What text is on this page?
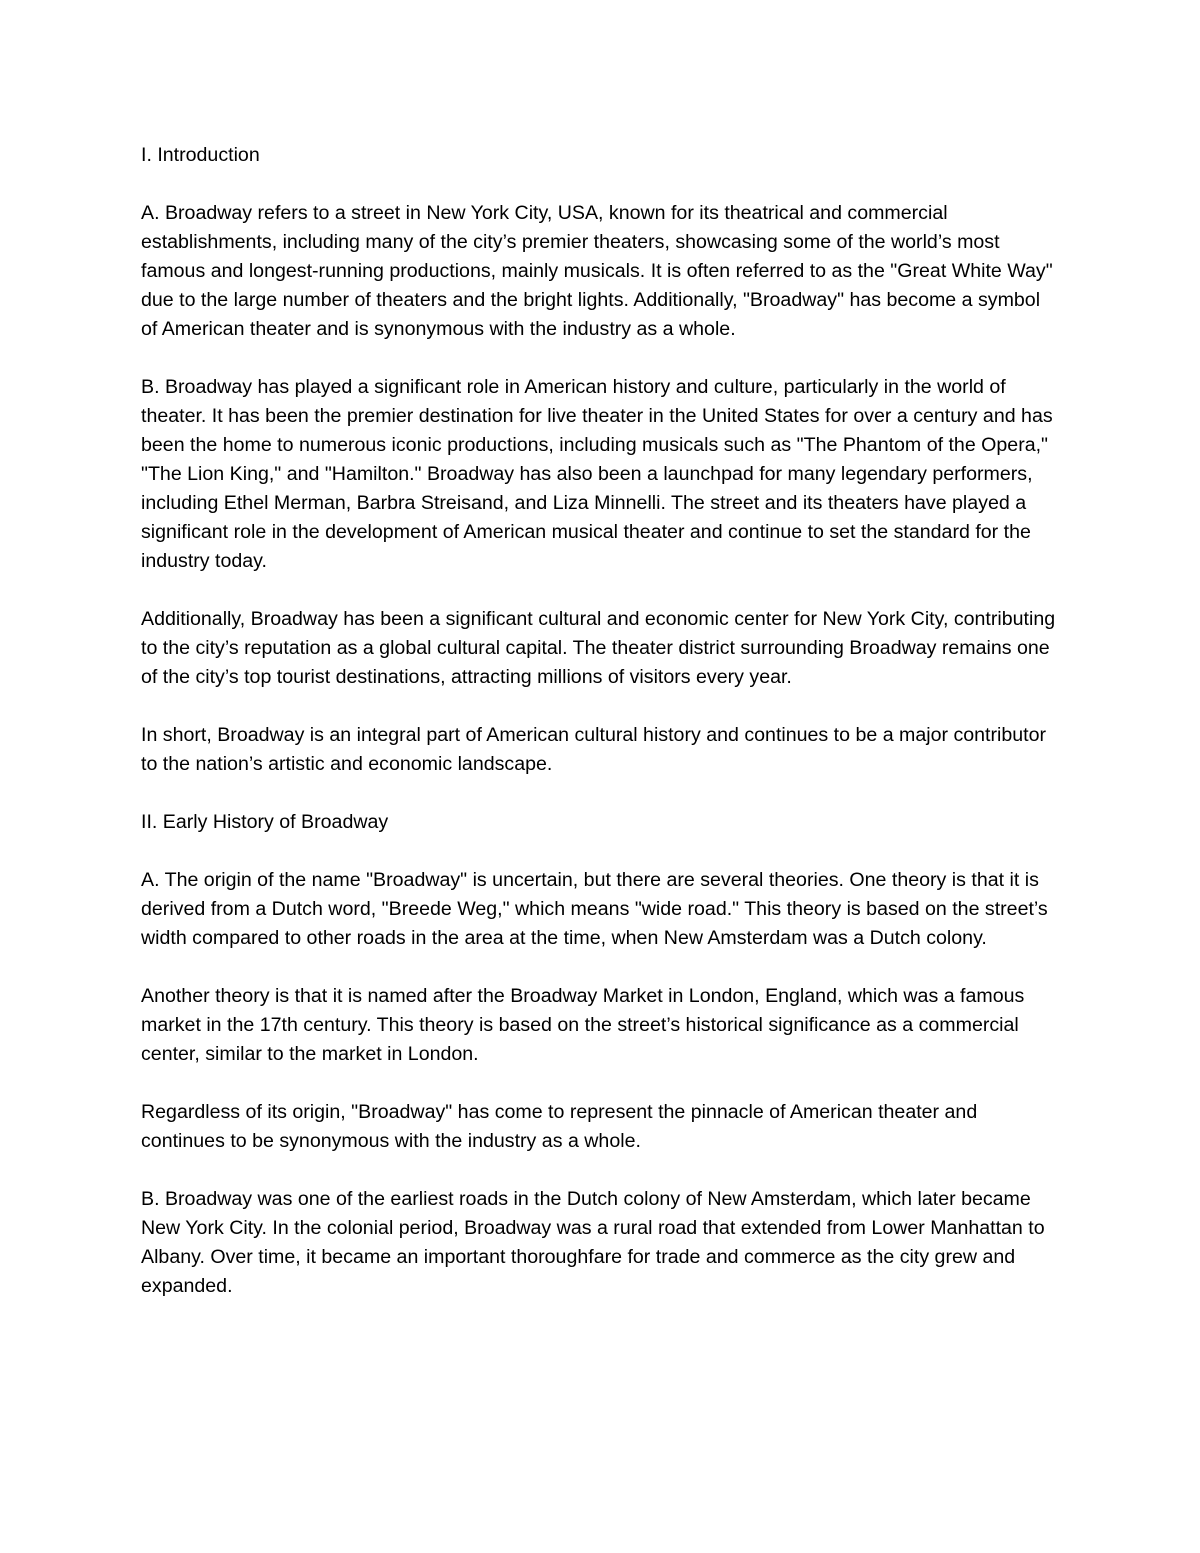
I. Introduction

A. Broadway refers to a street in New York City, USA, known for its theatrical and commercial establishments, including many of the city’s premier theaters, showcasing some of the world’s most famous and longest-running productions, mainly musicals. It is often referred to as the "Great White Way" due to the large number of theaters and the bright lights. Additionally, "Broadway" has become a symbol of American theater and is synonymous with the industry as a whole.

B. Broadway has played a significant role in American history and culture, particularly in the world of theater. It has been the premier destination for live theater in the United States for over a century and has been the home to numerous iconic productions, including musicals such as "The Phantom of the Opera," "The Lion King," and "Hamilton." Broadway has also been a launchpad for many legendary performers, including Ethel Merman, Barbra Streisand, and Liza Minnelli. The street and its theaters have played a significant role in the development of American musical theater and continue to set the standard for the industry today.

Additionally, Broadway has been a significant cultural and economic center for New York City, contributing to the city’s reputation as a global cultural capital. The theater district surrounding Broadway remains one of the city’s top tourist destinations, attracting millions of visitors every year.

In short, Broadway is an integral part of American cultural history and continues to be a major contributor to the nation’s artistic and economic landscape.

II. Early History of Broadway

A. The origin of the name "Broadway" is uncertain, but there are several theories. One theory is that it is derived from a Dutch word, "Breede Weg," which means "wide road." This theory is based on the street’s width compared to other roads in the area at the time, when New Amsterdam was a Dutch colony.

Another theory is that it is named after the Broadway Market in London, England, which was a famous market in the 17th century. This theory is based on the street’s historical significance as a commercial center, similar to the market in London.

Regardless of its origin, "Broadway" has come to represent the pinnacle of American theater and continues to be synonymous with the industry as a whole.

B. Broadway was one of the earliest roads in the Dutch colony of New Amsterdam, which later became New York City. In the colonial period, Broadway was a rural road that extended from Lower Manhattan to Albany. Over time, it became an important thoroughfare for trade and commerce as the city grew and expanded.
